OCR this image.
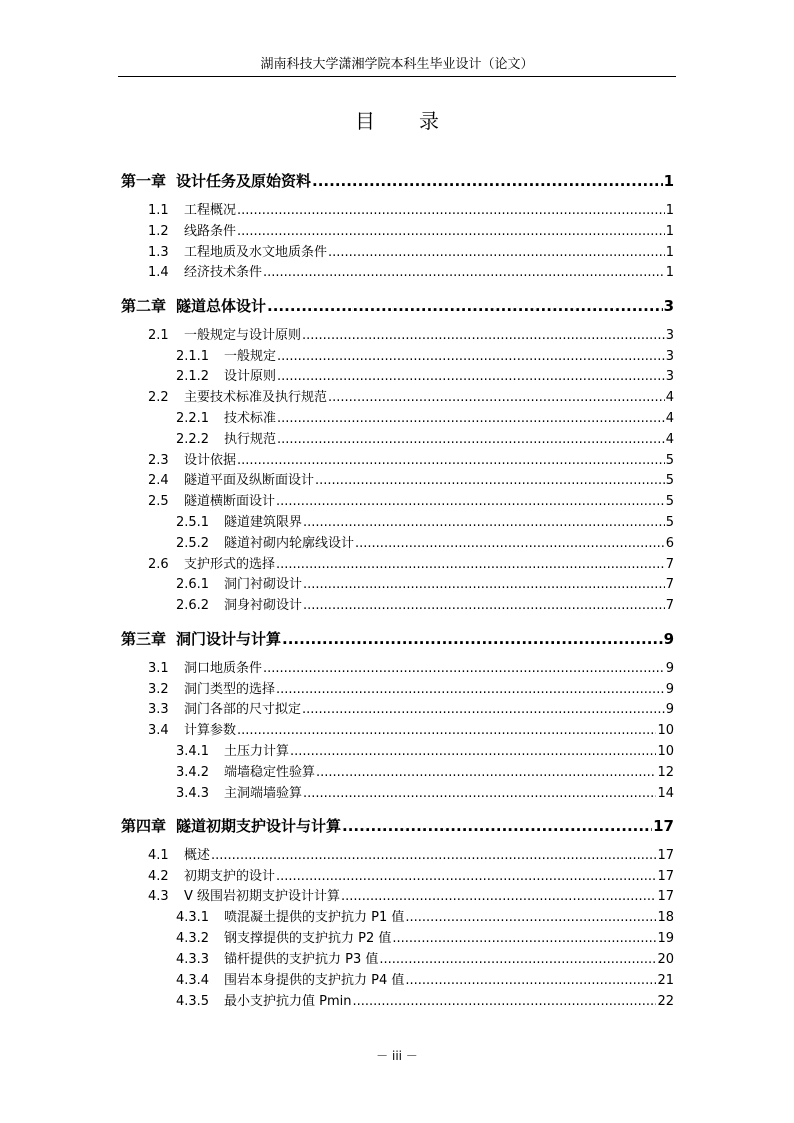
湖南科技大学潇湘学院本科生毕业设计（论文）
目录
第一章 设计任务及原始资料 .....	1
1.1	工程概况 .....	1
1.2	线路条件 .....	1
1.3	工程地质及水文地质条件 .....	1
1.4	经济技术条件 .....	1
第二章 隧道总体设计 .....	3
2.1	一般规定与设计原则 .....	3
2.1.1	一般规定 .....	3
2.1.2	设计原则 .....	3
2.2	主要技术标准及执行规范 .....	4
2.2.1	技术标准 .....	4
2.2.2	执行规范 .....	4
2.3	设计依据 .....	5
2.4	隧道平面及纵断面设计 .....	5
2.5	隧道横断面设计 .....	5
2.5.1	隧道建筑限界 .....	5
2.5.2	隧道衬砌内轮廓线设计 .....	6
2.6	支护形式的选择 .....	7
2.6.1	洞门衬砌设计 .....	7
2.6.2	洞身衬砌设计 .....	7
第三章 洞门设计与计算 .....	9
3.1	洞口地质条件 .....	9
3.2	洞门类型的选择 .....	9
3.3	洞门各部的尺寸拟定 .....	9
3.4	计算参数 .....	10
3.4.1	土压力计算 .....	10
3.4.2	端墙稳定性验算 .....	12
3.4.3	主洞端墙验算 .....	14
第四章 隧道初期支护设计与计算 .....	17
4.1	概述 .....	17
4.2	初期支护的设计 .....	17
4.3	V 级围岩初期支护设计计算 .....	17
4.3.1	喷混凝土提供的支护抗力 P1 值 .....	18
4.3.2	钢支撑提供的支护抗力 P2 值 .....	19
4.3.3	锚杆提供的支护抗力 P3 值 .....	20
4.3.4	围岩本身提供的支护抗力 P4 值 .....	21
4.3.5	最小支护抗力值 Pmin .....	22
－ iii －
